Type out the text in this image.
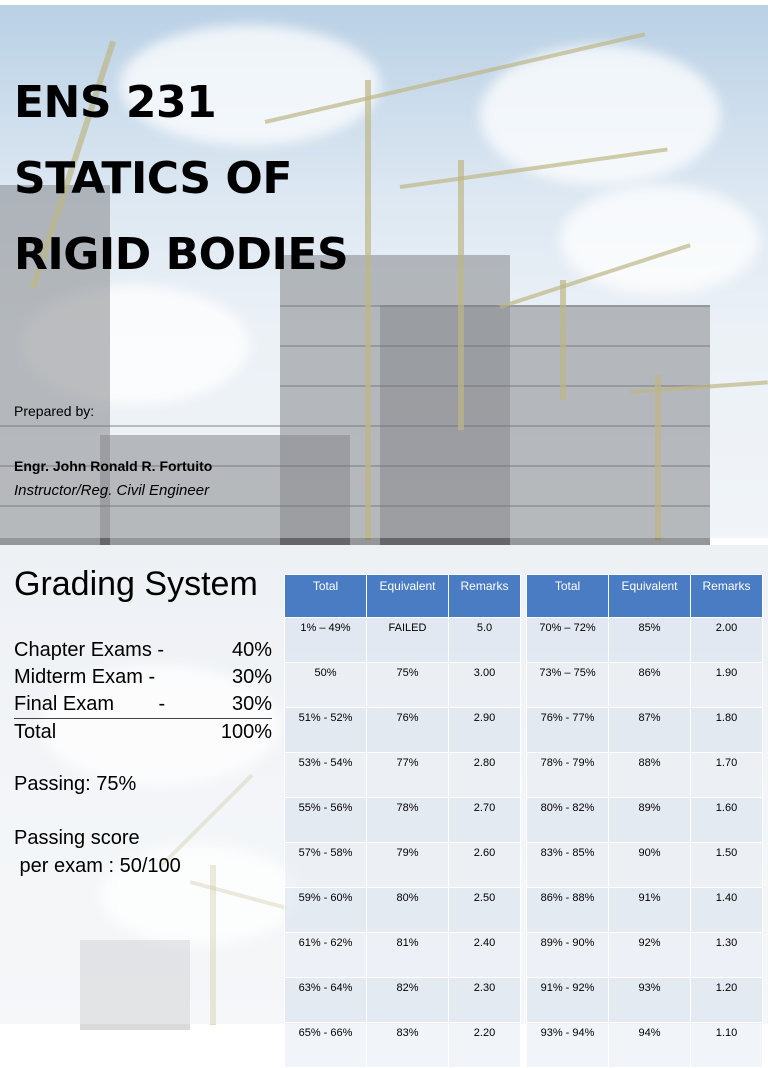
ENS 231
STATICS OF
RIGID BODIES
Prepared by:
Engr. John Ronald R. Fortuito
Instructor/Reg. Civil Engineer
Grading System
Chapter Exams -	40%
Midterm Exam -	30%
Final Exam        -	30%
Total	100%
Passing: 75%
Passing score
per exam : 50/100
Total	Equivalent	Remarks
1% – 49%	FAILED	5.0
50%	75%	3.00
51% - 52%	76%	2.90
53% - 54%	77%	2.80
55% - 56%	78%	2.70
57% - 58%	79%	2.60
59% - 60%	80%	2.50
61% - 62%	81%	2.40
63% - 64%	82%	2.30
65% - 66%	83%	2.20
Total	Equivalent	Remarks
70% – 72%	85%	2.00
73% – 75%	86%	1.90
76% - 77%	87%	1.80
78% - 79%	88%	1.70
80% - 82%	89%	1.60
83% - 85%	90%	1.50
86% - 88%	91%	1.40
89% - 90%	92%	1.30
91% - 92%	93%	1.20
93% - 94%	94%	1.10
